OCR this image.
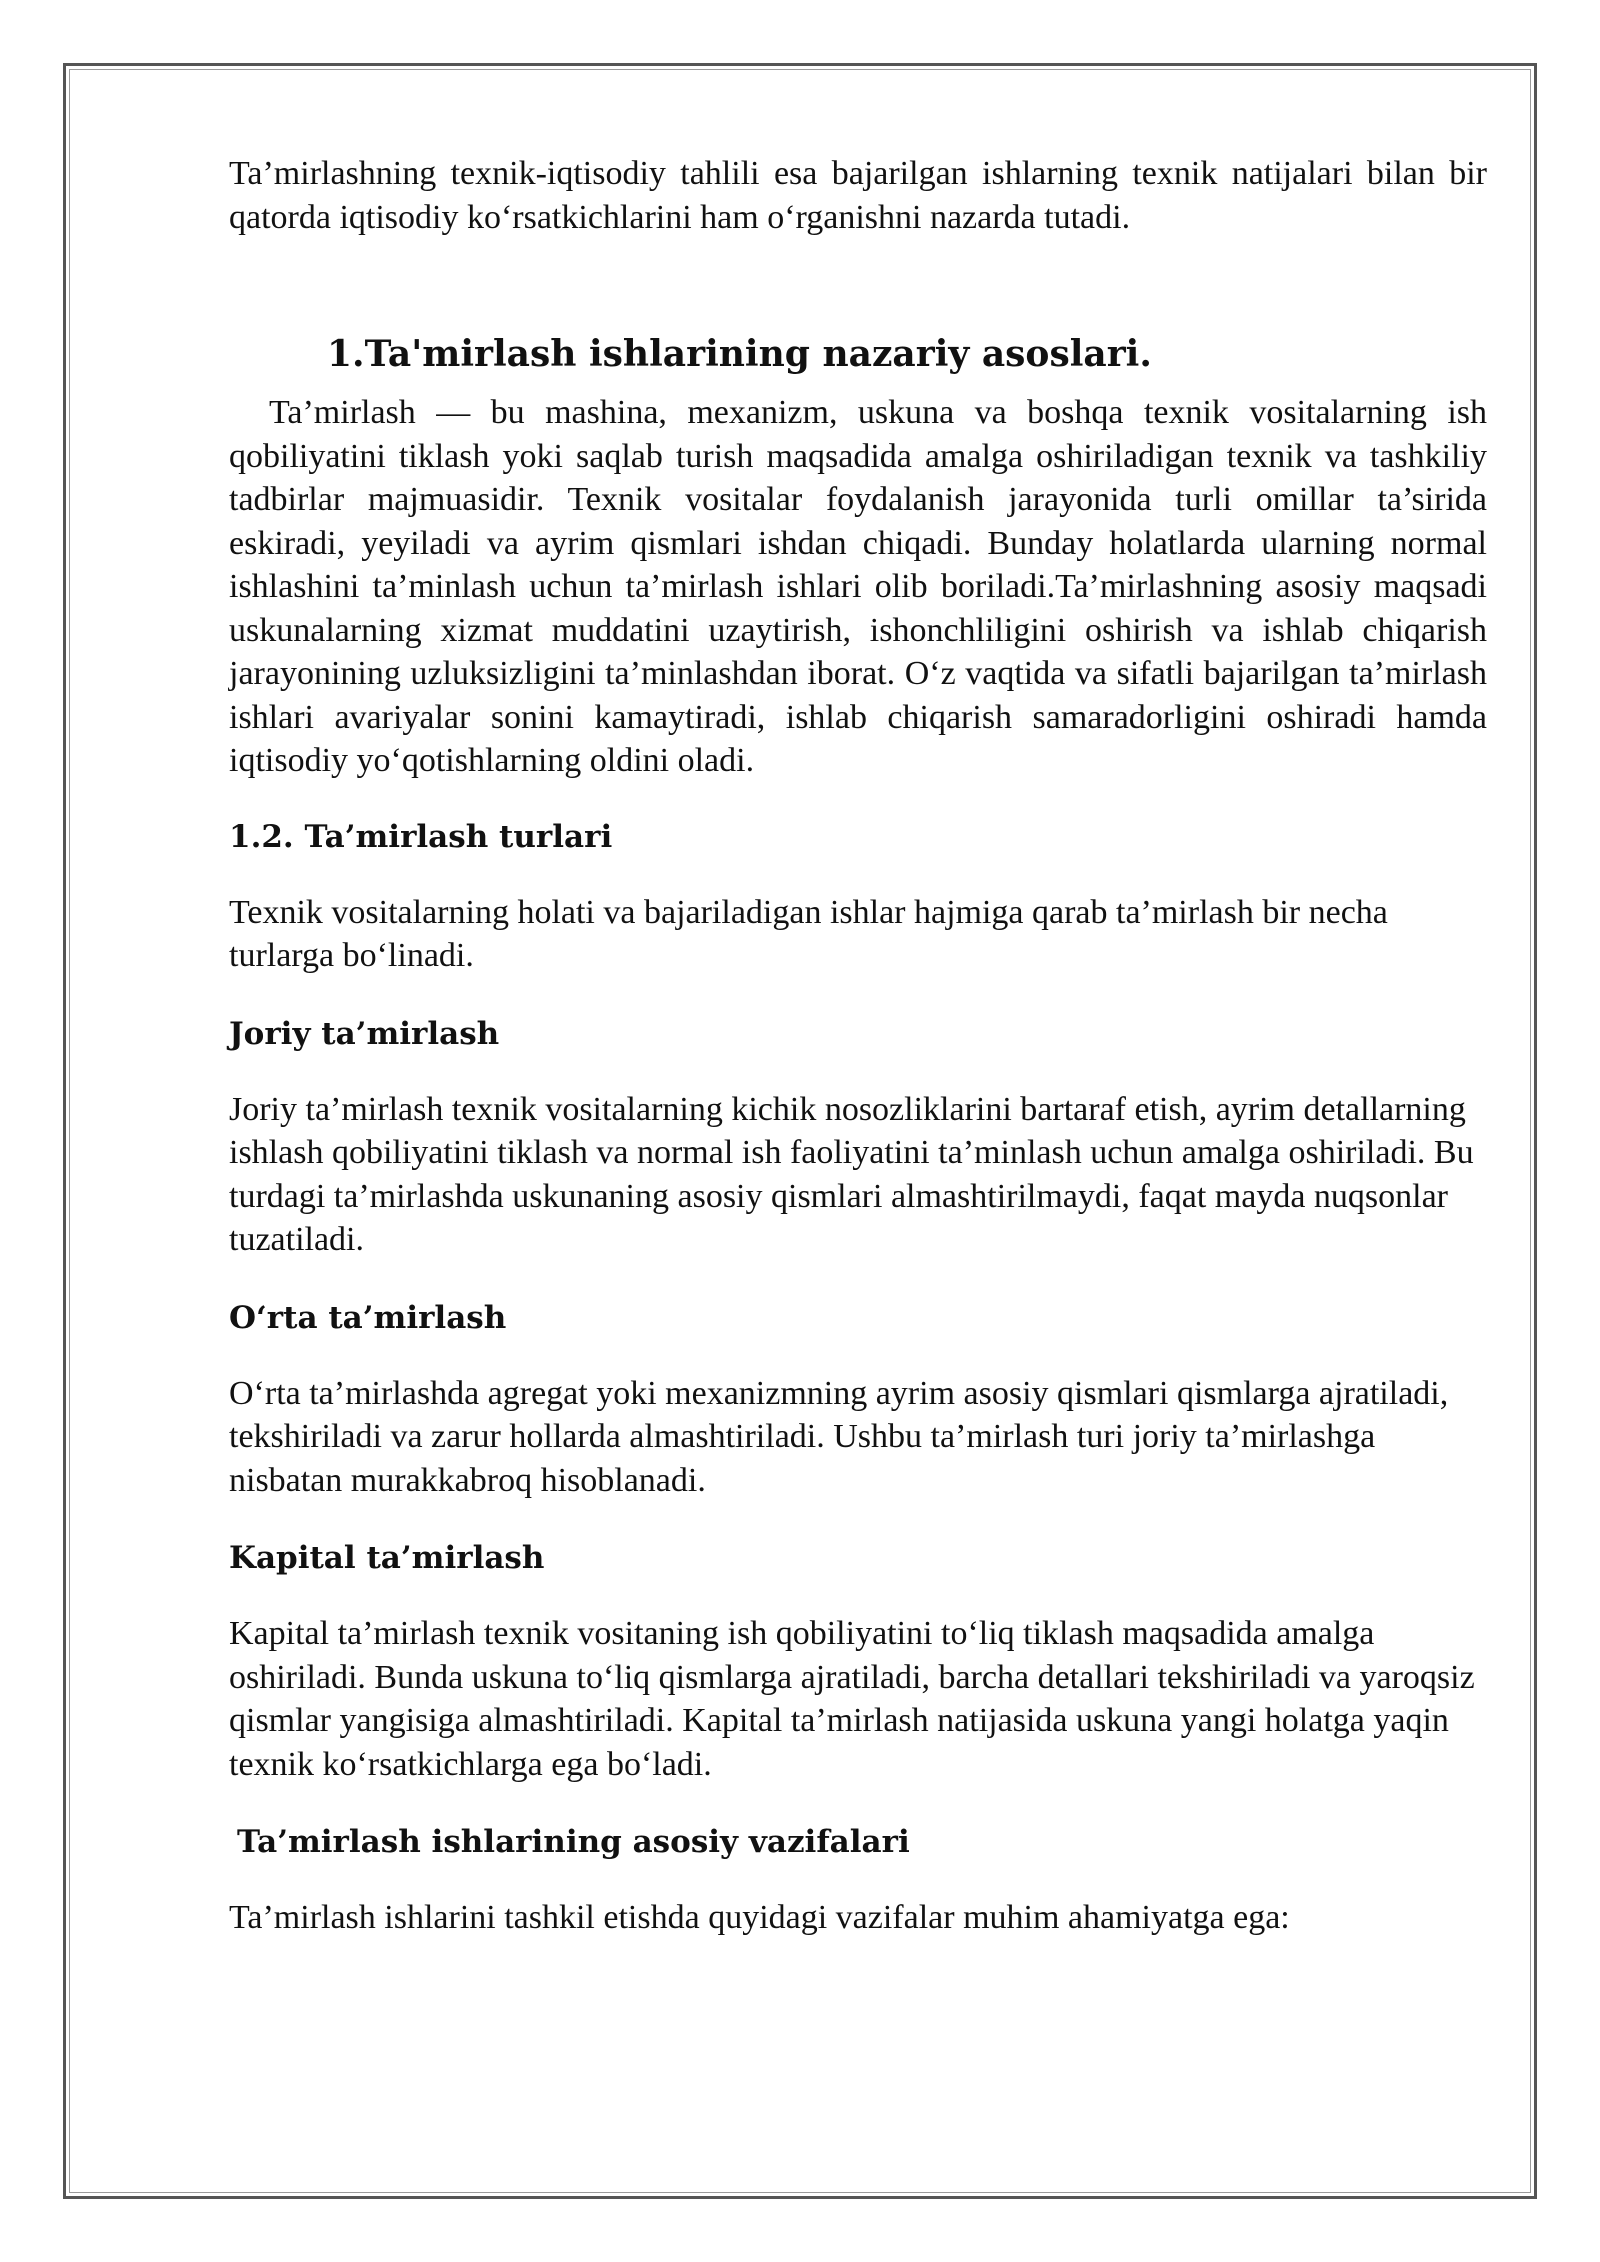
Ta’mirlashning texnik-iqtisodiy tahlili esa bajarilgan ishlarning texnik natijalari bilan bir qatorda iqtisodiy ko‘rsatkichlarini ham o‘rganishni nazarda tutadi.

1.Ta'mirlash ishlarining nazariy asoslari.

Ta’mirlash — bu mashina, mexanizm, uskuna va boshqa texnik vositalarning ish qobiliyatini tiklash yoki saqlab turish maqsadida amalga oshiriladigan texnik va tashkiliy tadbirlar majmuasidir. Texnik vositalar foydalanish jarayonida turli omillar ta’sirida eskiradi, yeyiladi va ayrim qismlari ishdan chiqadi. Bunday holatlarda ularning normal ishlashini ta’minlash uchun ta’mirlash ishlari olib boriladi.Ta’mirlashning asosiy maqsadi uskunalarning xizmat muddatini uzaytirish, ishonchliligini oshirish va ishlab chiqarish jarayonining uzluksizligini ta’minlashdan iborat. O‘z vaqtida va sifatli bajarilgan ta’mirlash ishlari avariyalar sonini kamaytiradi, ishlab chiqarish samaradorligini oshiradi hamda iqtisodiy yo‘qotishlarning oldini oladi.

1.2. Ta’mirlash turlari

Texnik vositalarning holati va bajariladigan ishlar hajmiga qarab ta’mirlash bir necha turlarga bo‘linadi.

Joriy ta’mirlash

Joriy ta’mirlash texnik vositalarning kichik nosozliklarini bartaraf etish, ayrim detallarning ishlash qobiliyatini tiklash va normal ish faoliyatini ta’minlash uchun amalga oshiriladi. Bu turdagi ta’mirlashda uskunaning asosiy qismlari almashtirilmaydi, faqat mayda nuqsonlar tuzatiladi.

O‘rta ta’mirlash

O‘rta ta’mirlashda agregat yoki mexanizmning ayrim asosiy qismlari qismlarga ajratiladi, tekshiriladi va zarur hollarda almashtiriladi. Ushbu ta’mirlash turi joriy ta’mirlashga nisbatan murakkabroq hisoblanadi.

Kapital ta’mirlash

Kapital ta’mirlash texnik vositaning ish qobiliyatini to‘liq tiklash maqsadida amalga oshiriladi. Bunda uskuna to‘liq qismlarga ajratiladi, barcha detallari tekshiriladi va yaroqsiz qismlar yangisiga almashtiriladi. Kapital ta’mirlash natijasida uskuna yangi holatga yaqin texnik ko‘rsatkichlarga ega bo‘ladi.

Ta’mirlash ishlarining asosiy vazifalari

Ta’mirlash ishlarini tashkil etishda quyidagi vazifalar muhim ahamiyatga ega:
